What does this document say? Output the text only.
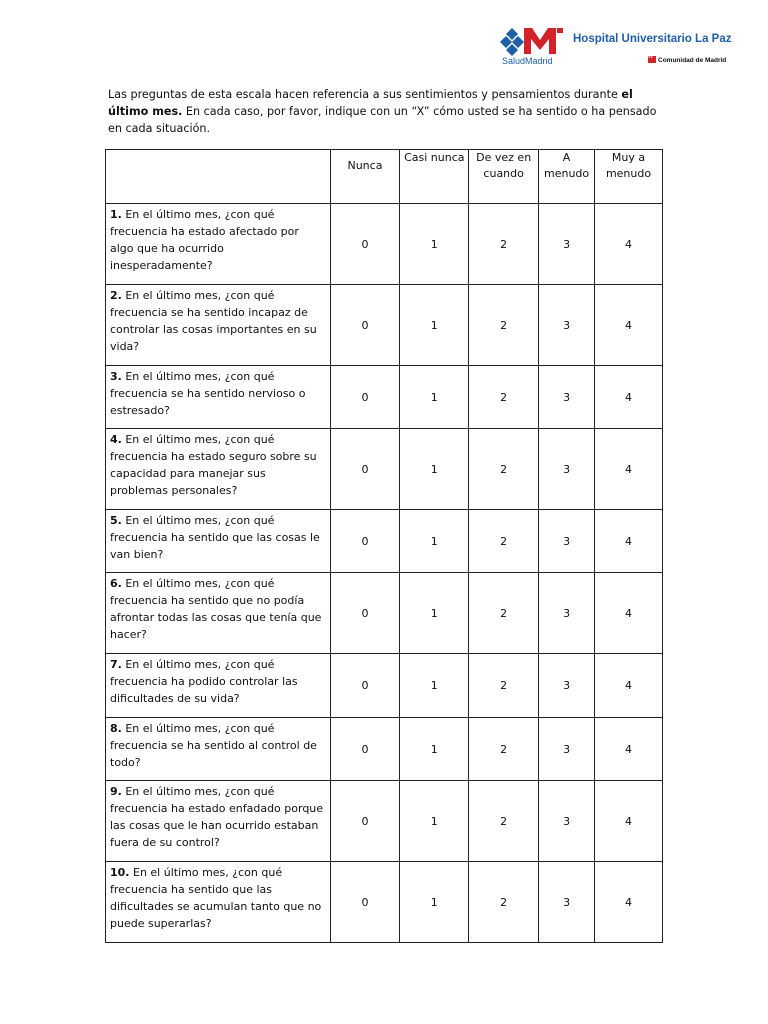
SaludMadrid
Hospital Universitario La Paz
✶✶Comunidad de Madrid

Las preguntas de esta escala hacen referencia a sus sentimientos y pensamientos durante el último mes. En cada caso, por favor, indique con un “X” cómo usted se ha sentido o ha pensado en cada situación.

	Nunca	Casi nunca	De vez en cuando	A menudo	Muy a menudo
1. En el último mes, ¿con qué frecuencia ha estado afectado por algo que ha ocurrido inesperadamente?	0	1	2	3	4
2. En el último mes, ¿con qué frecuencia se ha sentido incapaz de controlar las cosas importantes en su vida?	0	1	2	3	4
3. En el último mes, ¿con qué frecuencia se ha sentido nervioso o estresado?	0	1	2	3	4
4. En el último mes, ¿con qué frecuencia ha estado seguro sobre su capacidad para manejar sus problemas personales?	0	1	2	3	4
5. En el último mes, ¿con qué frecuencia ha sentido que las cosas le van bien?	0	1	2	3	4
6. En el último mes, ¿con qué frecuencia ha sentido que no podía afrontar todas las cosas que tenía que hacer?	0	1	2	3	4
7. En el último mes, ¿con qué frecuencia ha podido controlar las dificultades de su vida?	0	1	2	3	4
8. En el último mes, ¿con qué frecuencia se ha sentido al control de todo?	0	1	2	3	4
9. En el último mes, ¿con qué frecuencia ha estado enfadado porque las cosas que le han ocurrido estaban fuera de su control?	0	1	2	3	4
10. En el último mes, ¿con qué frecuencia ha sentido que las dificultades se acumulan tanto que no puede superarlas?	0	1	2	3	4
